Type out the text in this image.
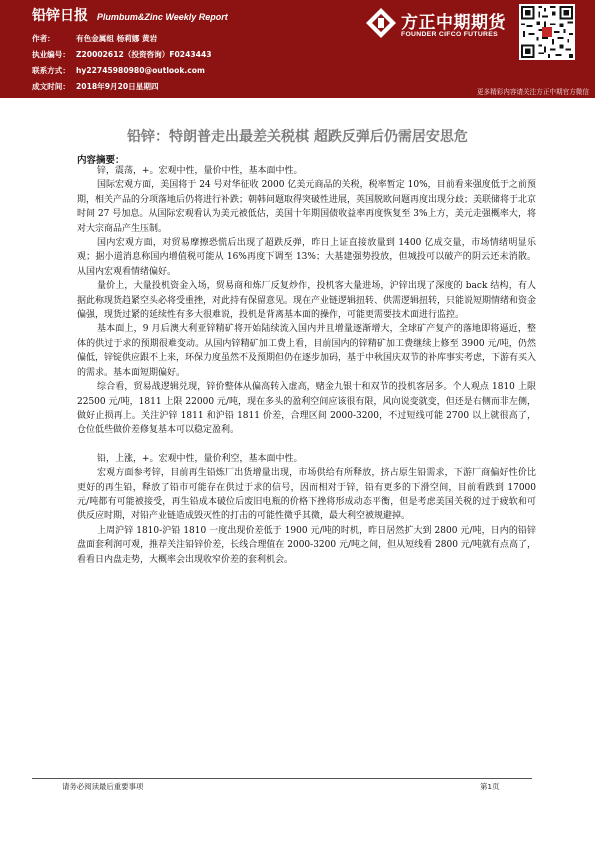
铅锌日报 Plumbum&Zinc Weekly Report
作者：	有色金属组 杨莉娜 黄岩
执业编号： Z20002612（投资咨询）F0243443
联系方式： hy22745980980@outlook.com
成文时间： 2018年9月20日星期四
方正中期期货
FOUNDER CIFCO FUTURES
更多精彩内容请关注方正中期官方微信
铅锌：特朗普走出最差关税棋 超跌反弹后仍需居安思危
内容摘要：

锌，震荡，+。宏观中性，量价中性，基本面中性。

国际宏观方面，美国将于 24 号对华征收 2000 亿美元商品的关税，税率暂定 10%，目前看来强度低于之前预期，相关产品的分项落地后仍将进行补跌；朝韩问题取得突破性进展，英国脱欧问题再度出现分歧；美联储将于北京时间 27 号加息。从国际宏观看认为美元被低估，美国十年期国债收益率再度恢复至 3%上方，美元走强概率大，将对大宗商品产生压制。

国内宏观方面，对贸易摩擦恐慌后出现了超跌反弹，昨日上证直接放量到 1400 亿成交量，市场情绪明显乐观；据小道消息称国内增值税可能从 16%再度下调至 13%；大基建强势投放，但城投可以破产的阴云还未消散。从国内宏观看情绪偏好。

量价上，大量投机资金入场，贸易商和炼厂反复炒作，投机客大量进场，沪锌出现了深度的 back 结构，有人据此称现货趋紧空头必将受重挫，对此持有保留意见。现在产业链逻辑扭转、供需逻辑扭转，只能说短期情绪和资金偏强，现货过紧的延续性有多大很难说，投机是背离基本面的操作，可能更需要技术面进行监控。

基本面上，9 月后澳大利亚锌精矿将开始陆续流入国内并且增量逐渐增大，全球矿产复产的落地即将逼近，整体的供过于求的预期很难变动。从国内锌精矿加工费上看，目前国内的锌精矿加工费继续上修至 3900 元/吨，仍然偏低，锌锭供应跟不上来，环保力度虽然不及预期但仍在逐步加码，基于中秋国庆双节的补库事实考虑，下游有买入的需求。基本面短期偏好。

综合看，贸易战逻辑兑现，锌价整体从偏高转入虚高，赌金九银十和双节的投机客居多。个人观点 1810 上限 22500 元/吨，1811 上限 22000 元/吨，现在多头的盈利空间应该很有限，风向说变就变，但还是右侧而非左侧，做好止损再上。关注沪锌 1811 和沪铅 1811 价差，合理区间 2000-3200，不过短线可能 2700 以上就很高了，仓位低些做价差修复基本可以稳定盈利。

铅，上涨，+。宏观中性，量价利空，基本面中性。

宏观方面参考锌，目前再生铅炼厂出货增量出现，市场供给有所释放，挤占原生铅需求，下游厂商偏好性价比更好的再生铅，释放了铅市可能存在供过于求的信号，因而相对于锌，铅有更多的下滑空间，目前看跌到 17000 元/吨都有可能被接受，再生铅成本破位后废旧电瓶的价格下挫将形成动态平衡，但是考虑美国关税的过于疲软和可供反应时期，对铅产业链造成毁灭性的打击的可能性微乎其微，最大利空被规避掉。

上周沪锌 1810-沪铅 1810 一度出现价差低于 1900 元/吨的时机，昨日居然扩大到 2800 元/吨，日内的铅锌盘面套利润可观，推荐关注铅锌价差，长线合理值在 2000-3200 元/吨之间，但从短线看 2800 元/吨就有点高了，看看日内盘走势，大概率会出现收窄价差的套利机会。

请务必阅读最后重要事项	第1页
